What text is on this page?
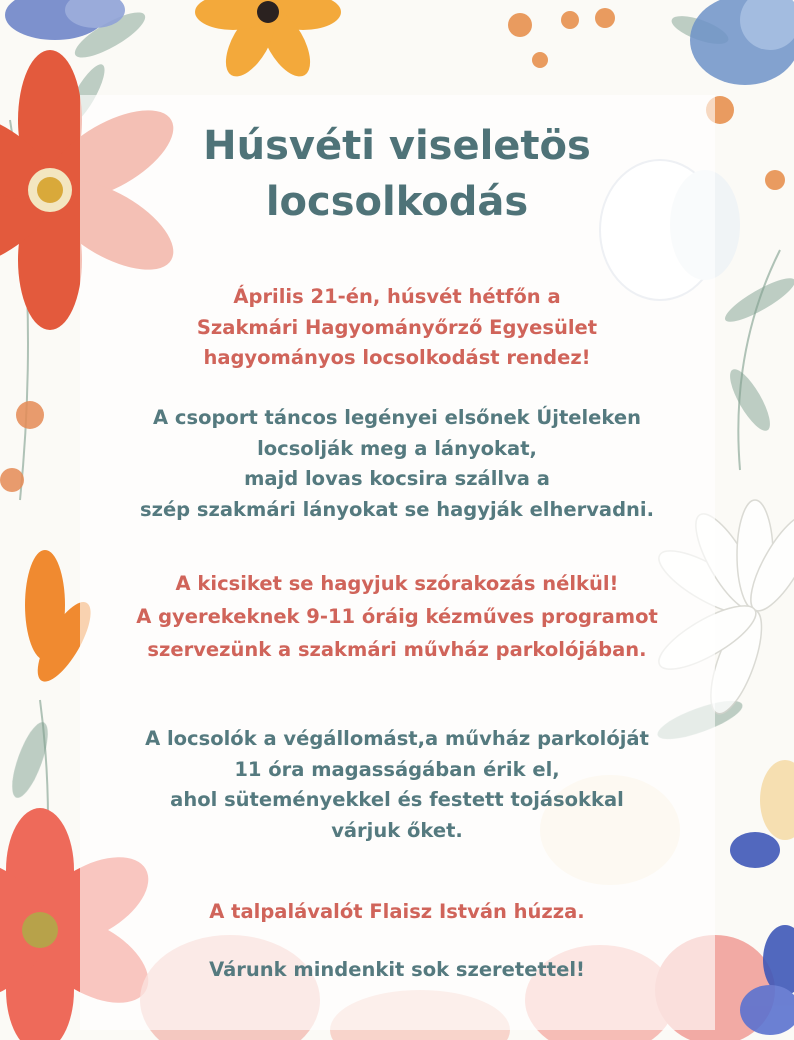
Húsvéti viseletös
locsolkodás
Április 21-én, húsvét hétfőn a
Szakmári Hagyományőrző Egyesület
hagyományos locsolkodást rendez!
A csoport táncos legényei elsőnek Újteleken
locsolják meg a lányokat,
majd lovas kocsira szállva a
szép szakmári lányokat se hagyják elhervadni.
A kicsiket se hagyjuk szórakozás nélkül!
A gyerekeknek 9-11 óráig kézműves programot
szervezünk a szakmári művház parkolójában.
A locsolók a végállomást,a művház parkolóját
11 óra magasságában érik el,
ahol süteményekkel és festett tojásokkal
várjuk őket.
A talpalávalót Flaisz István húzza.
Várunk mindenkit sok szeretettel!
